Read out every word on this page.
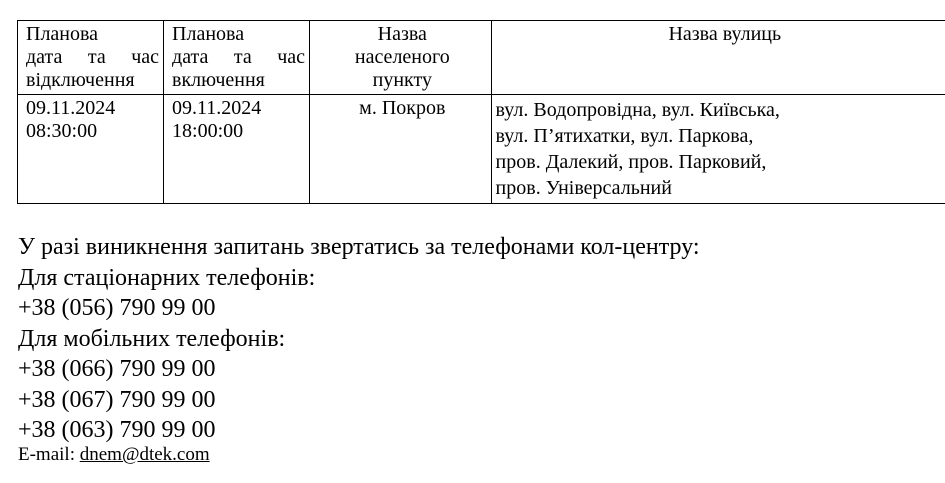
Планова
дата та час
відключення	Планова
дата та час
включення	Назва
населеного
пункту	Назва вулиць

09.11.2024
08:30:00	09.11.2024
18:00:00	м. Покров	вул. Водопровідна, вул. Київська,
вул. П’ятихатки, вул. Паркова,
пров. Далекий, пров. Парковий,
пров. Універсальний
У разі виникнення запитань звертатись за телефонами кол-центру:
Для стаціонарних телефонів:
+38 (056) 790 99 00
Для мобільних телефонів:
+38 (066) 790 99 00
+38 (067) 790 99 00
+38 (063) 790 99 00
E-mail: dnem@dtek.com
